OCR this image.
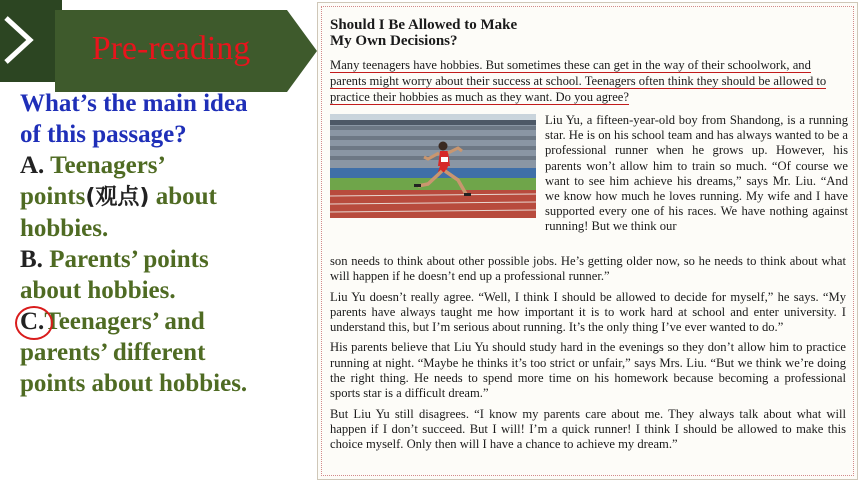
Pre-reading
What’s the main idea
of this passage?
A. Teenagers’
points(观点) about
hobbies.
B. Parents’ points
about hobbies.
C.Teenagers’ and
parents’ different
points about hobbies.
Should I Be Allowed to Make
My Own Decisions?

Many teenagers have hobbies. But sometimes these can get in the way of their schoolwork, and parents might worry about their success at school. Teenagers often think they should be allowed to practice their hobbies as much as they want. Do you agree?

Liu Yu, a fifteen-year-old boy from Shandong, is a running star. He is on his school team and has always wanted to be a professional runner when he grows up. However, his parents won’t allow him to train so much. “Of course we want to see him achieve his dreams,” says Mr. Liu. “And we know how much he loves running. My wife and I have supported every one of his races. We have nothing against running! But we think our

son needs to think about other possible jobs. He’s getting older now, so he needs to think about what will happen if he doesn’t end up a professional runner.”

Liu Yu doesn’t really agree. “Well, I think I should be allowed to decide for myself,” he says. “My parents have always taught me how important it is to work hard at school and enter university. I understand this, but I’m serious about running. It’s the only thing I’ve ever wanted to do.”

His parents believe that Liu Yu should study hard in the evenings so they don’t allow him to practice running at night. “Maybe he thinks it’s too strict or unfair,” says Mrs. Liu. “But we think we’re doing the right thing. He needs to spend more time on his homework because becoming a professional sports star is a difficult dream.”

But Liu Yu still disagrees. “I know my parents care about me. They always talk about what will happen if I don’t succeed. But I will! I’m a quick runner! I think I should be allowed to make this choice myself. Only then will I have a chance to achieve my dream.”
